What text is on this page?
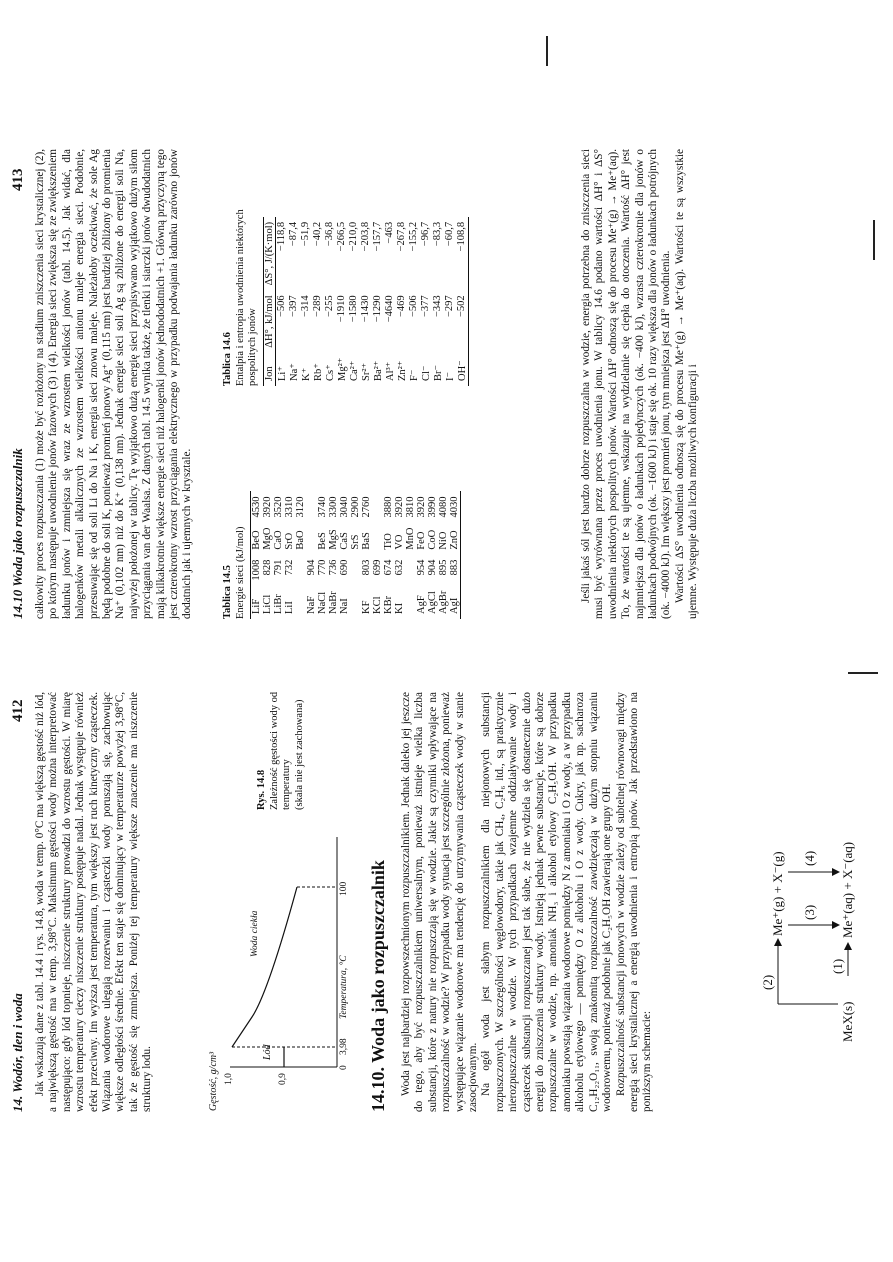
14. Wodór, tlen i woda
412 Jak wskazują dane z tabl. 14.4 i rys. 14.8, woda w temp. 0°C ma większą gęstość niż lód, a największą gęstość ma w temp. 3,98°C. Maksimum gęstości wody można interpretować następująco: gdy lód topnieje, niszczenie struktury prowadzi do wzrostu gęstości. W miarę wzrostu temperatury cieczy niszczenie struktury postępuje nadal. Jednak występuje również efekt przeciwny. Im wyższa jest temperatura, tym większy jest ruch kinetyczny cząsteczek. Wiązania wodorowe ulegają rozerwaniu i cząsteczki wody poruszają się, zachowując większe odległości średnie. Efekt ten staje się dominujący w temperaturze powyżej 3,98°C, tak że gęstość się zmniejsza. Poniżej tej temperatury większe znaczenie ma niszczenie struktury lodu.	Gęstość, g/cm³ 1,0	0,9
Lód
Woda ciekła
0
3,98
100
Temperatura, °C
Rys. 14.8 Zależność gęstości wody od temperatury (skala nie jest zachowana)
14.10. Woda jako rozpuszczalnik Woda jest najbardziej rozpowszechnionym rozpuszczalnikiem. Jednak daleko jej jeszcze do tego, aby być rozpuszczalnikiem uniwersalnym, ponieważ istnieje wielka liczba substancji, które z natury nie rozpuszczają się w wodzie. Jakie są czynniki wpływające na rozpuszczalność w wodzie? W przypadku wody sytuacja jest szczególnie złożona, ponieważ występujące wiązanie wodorowe ma tendencję do utrzymywania cząsteczek wody w stanie zasocjowanym. Na ogół woda jest słabym rozpuszczalnikiem dla niejonowych substancji rozpuszczonych. W szczególności węglowodory, takie jak CH₄, C₂H₆ itd., są praktycznie nierozpuszczalne w wodzie. W tych przypadkach wzajemne oddziaływanie wody i cząsteczek substancji rozpuszczanej jest tak słabe, że nie wydziela się dostatecznie dużo energii do zniszczenia struktury wody. Istnieją jednak pewne substancje, które są dobrze rozpuszczalne w wodzie, np. amoniak NH₃ i alkohol etylowy C₂H₅OH. W przypadku amoniaku powstają wiązania wodorowe pomiędzy N z amoniaku i O z wody, a w przypadku alkoholu etylowego — pomiędzy O z alkoholu i O z wody. Cukry, jak np. sacharoza C₁₂H₂₂O₁₁, swoją znakomitą rozpuszczalność zawdzięczają w dużym stopniu wiązaniu wodorowemu, ponieważ podobnie jak C₂H₅OH zawierają one grupy OH. Rozpuszczalność substancji jonowych w wodzie zależy od subtelnej równowagi między energią sieci krystalicznej a energią uwodnienia i entropią jonów. Jak przedstawiono na poniższym schemacie:

(2)
Me⁺(g) + X⁻(g) (3)
(4)
(1)
MeX(s)
Me⁺(aq) + X⁻(aq)
14.10 Woda jako rozpuszczalnik
413 całkowity proces rozpuszczania (1) może być rozłożony na stadium zniszczenia sieci krystalicznej (2), po którym następuje uwodnienie jonów fazowych (3) i (4). Energia sieci zwiększa się ze zwiększeniem ładunku jonów i zmniejsza się wraz ze wzrostem wielkości jonów (tabl. 14.5). Jak widać, dla halogenków metali alkalicznych ze wzrostem wielkości anionu maleje energia sieci. Podobnie, przesuwając się od soli Li do Na i K, energia sieci znowu maleje. Należałoby oczekiwać, że sole Ag będą podobne do soli K, ponieważ promień jonowy Ag⁺ (0,115 nm) jest bardziej zbliżony do promienia Na⁺ (0,102 nm) niż do K⁺ (0,138 nm). Jednak energie sieci soli Ag są zbliżone do energii soli Na, najwyżej położonej w tablicy. Tę wyjątkowo dużą energię sieci przypisywano wyjątkowo dużym siłom przyciągania van der Waalsa. Z danych tabl. 14.5 wynika także, że tlenki i siarczki jonów dwudodatnich mają kilkakrotnie większe energie sieci niż halogenki jonów jednododatnich +1. Główną przyczyną tego jest czterokrotny wzrost przyciągania elektrycznego w przypadku podwajania ładunku zarówno jonów dodatnich jak i ujemnych w krysztale.	Tablica 14.5 Energie sieci (kJ/mol) LiF	1008	BeO	4530
LiCl	828	MgO	3920
LiBr	791	CaO	3520
LiI	732	SrO	3310
		BaO	3120
NaF	904		
NaCl	770	BeS	3740
NaBr	736	MgS	3300
NaI	690	CaS	3040
		SrS	2900
KF	803	BaS	2760
KCl	699		
KBr	674	TiO	3880
KI	632	VO	3920
		MnO	3810
AgF	954	FeO	3920
AgCl	904	CoO	3990
AgBr	895	NiO	4080
AgI	883	ZnO	4030
Tablica 14.6 Entalpia i entropia uwodnienia niektórych pospolitych jonów Jon	ΔH°, kJ/mol	ΔS°, J/(K·mol)
Li⁺	−506	−118,8
Na⁺	−397	−87,4
K⁺	−314	−51,9
Rb⁺	−289	−40,2
Cs⁺	−255	−36,8
Mg²⁺	−1910	−266,5
Ca²⁺	−1580	−210,0
Sr²⁺	−1430	−203,8
Ba²⁺	−1290	−157,7
Al³⁺	−4640	−463
Zn²⁺	−469	−267,8
F⁻	−506	−155,2
Cl⁻	−377	−96,7
Br⁻	−343	−83,3
I⁻	−297	−60,7
OH⁻	−502	−108,8	Jeśli jakaś sól jest bardzo dobrze rozpuszczalna w wodzie, energia potrzebna do zniszczenia sieci musi być wyrównana przez proces uwodnienia jonu. W tablicy 14.6 podano wartości ΔH° i ΔS° uwodnienia niektórych pospolitych jonów. Wartości ΔH° odnoszą się do procesu Me⁺(g) → Me⁺(aq). To, że wartości te są ujemne, wskazuje na wydzielanie się ciepła do otoczenia. Wartość ΔH° jest najmniejsza dla jonów o ładunkach pojedynczych (ok. −400 kJ), wzrasta czterokrotnie dla jonów o ładunkach podwójnych (ok. −1600 kJ) i staje się ok. 10 razy większa dla jonów o ładunkach potrójnych (ok. −4000 kJ). Im większy jest promień jonu, tym mniejsza jest ΔH° uwodnienia. Wartości ΔS° uwodnienia odnoszą się do procesu Me⁺(g) → Me⁺(aq). Wartości te są wszystkie ujemne. Występuje duża liczba możliwych konfiguracji i
